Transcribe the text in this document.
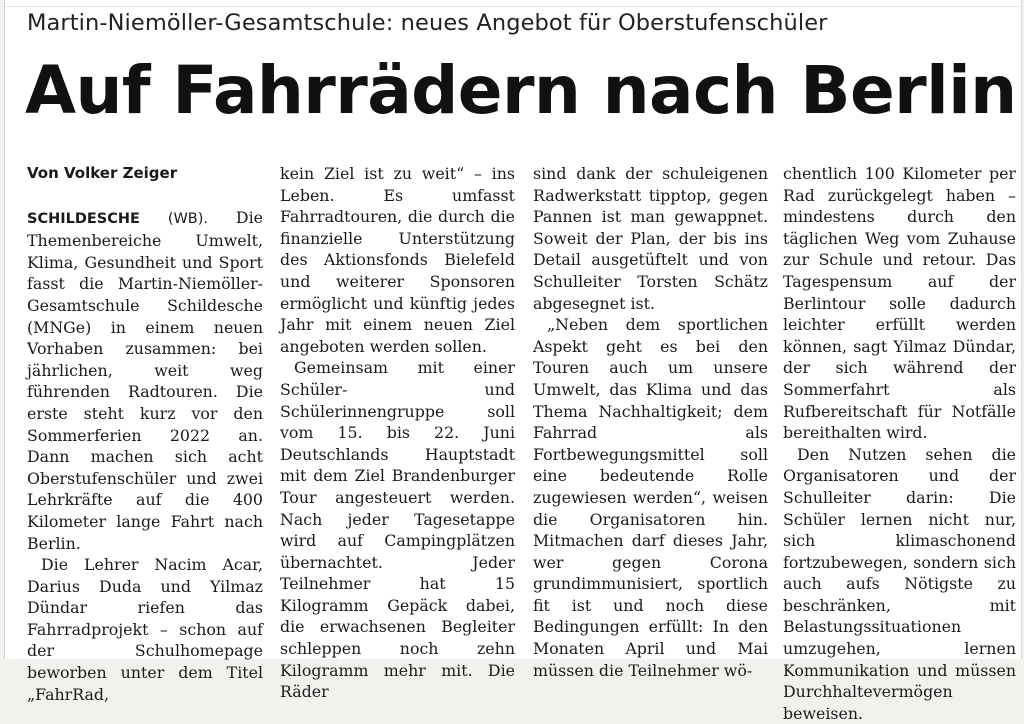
Martin-Niemöller-Gesamtschule: neues Angebot für Oberstufenschüler
Auf Fahrrädern nach Berlin

Von Volker Zeiger

SCHILDESCHE (WB). Die Themenbereiche Umwelt, Klima, Gesundheit und Sport fasst die Martin-Niemöller-Gesamtschule Schildesche (MNGe) in einem neuen Vorhaben zusammen: bei jährlichen, weit weg führenden Radtouren. Die erste steht kurz vor den Sommerferien 2022 an. Dann machen sich acht Oberstufenschüler und zwei Lehrkräfte auf die 400 Kilometer lange Fahrt nach Berlin.

Die Lehrer Nacim Acar, Darius Duda und Yilmaz Dündar riefen das Fahrradprojekt – schon auf der Schulhomepage beworben unter dem Titel „FahrRad,

kein Ziel ist zu weit“ – ins Leben. Es umfasst Fahrradtouren, die durch die finanzielle Unterstützung des Aktionsfonds Bielefeld und weiterer Sponsoren ermöglicht und künftig jedes Jahr mit einem neuen Ziel angeboten werden sollen.

Gemeinsam mit einer Schüler- und Schülerinnengruppe soll vom 15. bis 22. Juni Deutschlands Hauptstadt mit dem Ziel Brandenburger Tour angesteuert werden. Nach jeder Tagesetappe wird auf Campingplätzen übernachtet. Jeder Teilnehmer hat 15 Kilogramm Gepäck dabei, die erwachsenen Begleiter schleppen noch zehn Kilogramm mehr mit. Die Räder

sind dank der schuleigenen Radwerkstatt tipptop, gegen Pannen ist man gewappnet. Soweit der Plan, der bis ins Detail ausgetüftelt und von Schulleiter Torsten Schätz abgesegnet ist.

„Neben dem sportlichen Aspekt geht es bei den Touren auch um unsere Umwelt, das Klima und das Thema Nachhaltigkeit; dem Fahrrad als Fortbewegungsmittel soll eine bedeutende Rolle zugewiesen werden“, weisen die Organisatoren hin. Mitmachen darf dieses Jahr, wer gegen Corona grundimmunisiert, sportlich fit ist und noch diese Bedingungen erfüllt: In den Monaten April und Mai müssen die Teilnehmer wö-

chentlich 100 Kilometer per Rad zurückgelegt haben – mindestens durch den täglichen Weg vom Zuhause zur Schule und retour. Das Tagespensum auf der Berlintour solle dadurch leichter erfüllt werden können, sagt Yilmaz Dündar, der sich während der Sommerfahrt als Rufbereitschaft für Notfälle bereithalten wird.

Den Nutzen sehen die Organisatoren und der Schulleiter darin: Die Schüler lernen nicht nur, sich klimaschonend fortzubewegen, sondern sich auch aufs Nötigste zu beschränken, mit Belastungssituationen umzugehen, lernen Kommunikation und müssen Durchhaltevermögen beweisen.
